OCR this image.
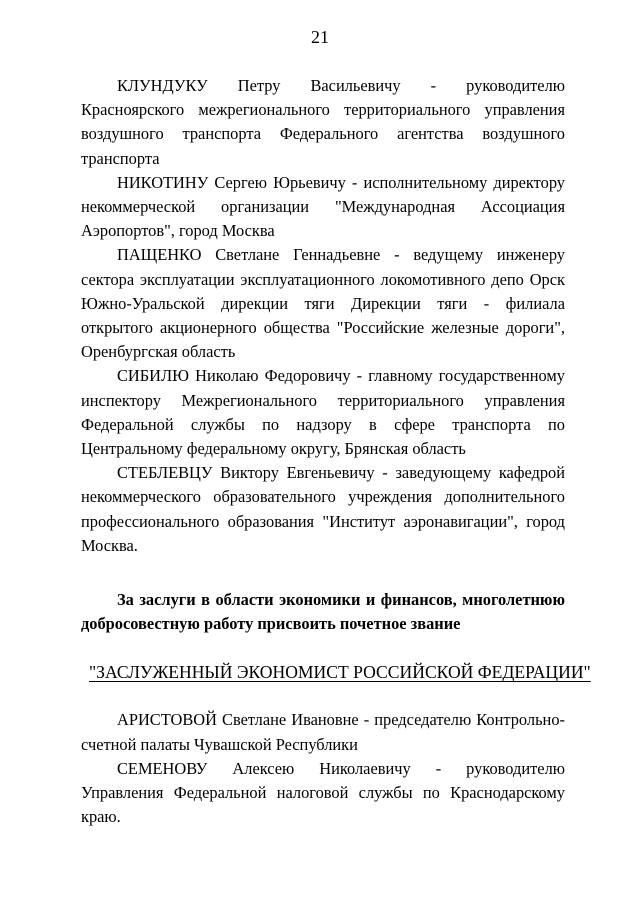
21

КЛУНДУКУ Петру Васильевичу - руководителю Красноярского межрегионального территориального управления воздушного транспорта Федерального агентства воздушного транспорта

НИКОТИНУ Сергею Юрьевичу - исполнительному директору некоммерческой организации "Международная Ассоциация Аэропортов", город Москва

ПАЩЕНКО Светлане Геннадьевне - ведущему инженеру сектора эксплуатации эксплуатационного локомотивного депо Орск Южно-Уральской дирекции тяги Дирекции тяги - филиала открытого акционерного общества "Российские железные дороги", Оренбургская область

СИБИЛЮ Николаю Федоровичу - главному государственному инспектору Межрегионального территориального управления Федеральной службы по надзору в сфере транспорта по Центральному федеральному округу, Брянская область

СТЕБЛЕВЦУ Виктору Евгеньевичу - заведующему кафедрой некоммерческого образовательного учреждения дополнительного профессионального образования "Институт аэронавигации", город Москва.

За заслуги в области экономики и финансов, многолетнюю добросовестную работу присвоить почетное звание

"ЗАСЛУЖЕННЫЙ ЭКОНОМИСТ РОССИЙСКОЙ ФЕДЕРАЦИИ"

АРИСТОВОЙ Светлане Ивановне - председателю Контрольно-счетной палаты Чувашской Республики

СЕМЕНОВУ Алексею Николаевичу - руководителю Управления Федеральной налоговой службы по Краснодарскому краю.
